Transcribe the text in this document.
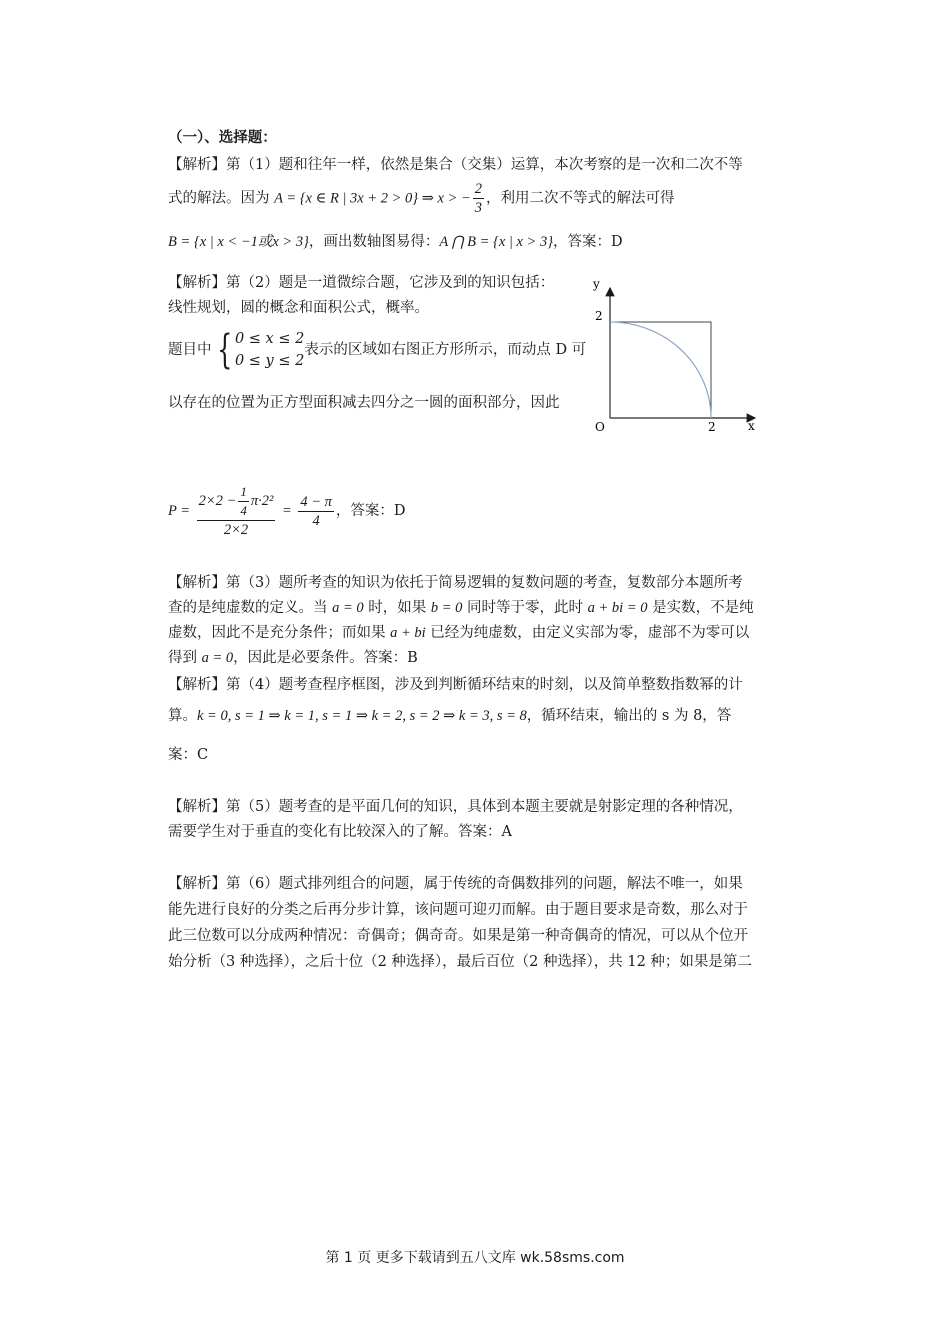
（一）、选择题：
【解析】第（1）题和往年一样，依然是集合（交集）运算，本次考察的是一次和二次不等
式的解法。因为 A = {x ∈ R | 3x + 2 > 0} ⇒ x > − $\frac{2}{3}$ ，利用二次不等式的解法可得
B = {x | x < −1或x > 3}，画出数轴图易得：A ⋂ B = {x | x > 3}，答案：D
【解析】第（2）题是一道微综合题，它涉及到的知识包括：
线性规划，圆的概念和面积公式，概率。
题目中 { 0 ≤ x ≤ 2
0 ≤ y ≤ 2
表示的区域如右图正方形所示，而动点 D 可
以存在的位置为正方型面积减去四分之一圆的面积部分，因此
y
x
O
2
2
$P = \frac{2\times 2 - \frac{1}{4} \pi\cdot 2^2}{2\times 2} = \frac{4 - \pi}{4}$ ，答案：D
【解析】第（3）题所考查的知识为依托于简易逻辑的复数问题的考查，复数部分本题所考
查的是纯虚数的定义。当 a = 0 时，如果 b = 0 同时等于零，此时 a + bi = 0 是实数，不是纯
虚数，因此不是充分条件；而如果 a + bi 已经为纯虚数，由定义实部为零，虚部不为零可以
得到 a = 0，因此是必要条件。答案：B
【解析】第（4）题考查程序框图，涉及到判断循环结束的时刻，以及简单整数指数幂的计
算。k = 0, s = 1 ⇒ k = 1, s = 1 ⇒ k = 2, s = 2 ⇒ k = 3, s = 8，循环结束，输出的 s 为 8，答
案：C
【解析】第（5）题考查的是平面几何的知识，具体到本题主要就是射影定理的各种情况，
需要学生对于垂直的变化有比较深入的了解。答案：A
【解析】第（6）题式排列组合的问题，属于传统的奇偶数排列的问题，解法不唯一，如果
能先进行良好的分类之后再分步计算，该问题可迎刃而解。由于题目要求是奇数，那么对于
此三位数可以分成两种情况：奇偶奇；偶奇奇。如果是第一种奇偶奇的情况，可以从个位开
始分析（3 种选择），之后十位（2 种选择），最后百位（2 种选择），共 12 种；如果是第二
第 1 页 更多下载请到五八文库 wk.58sms.com
